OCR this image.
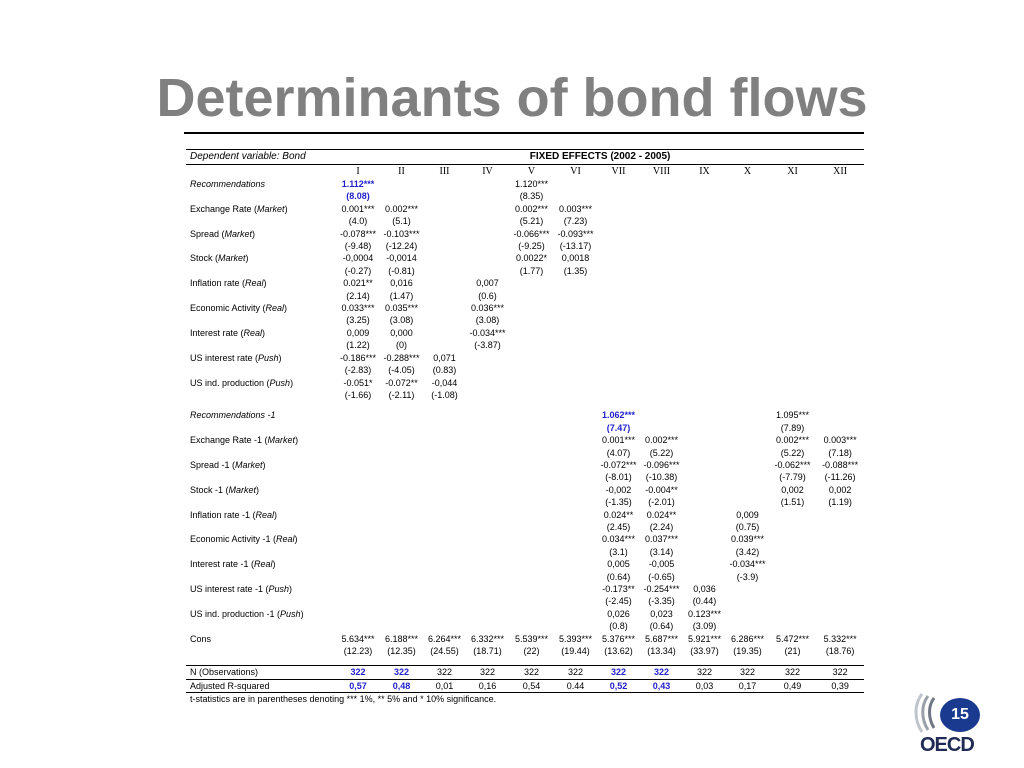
Determinants of bond flows
Dependent variable: Bond	FIXED EFFECTS (2002 - 2005)											
	I	II	III	IV	V	VI	VII	VIII	IX	X	XI	XII
Recommendations	1.112***				1.120***							
	(8.08)				(8.35)							
Exchange Rate (Market)	0.001***	0.002***			0.002***	0.003***						
	(4.0)	(5.1)			(5.21)	(7.23)						
Spread (Market)	-0.078***	-0.103***			-0.066***	-0.093***						
	(-9.48)	(-12.24)			(-9.25)	(-13.17)						
Stock (Market)	-0,0004	-0,0014			0.0022*	0,0018						
	(-0.27)	(-0.81)			(1.77)	(1.35)						
Inflation rate (Real)	0.021**	0,016		0,007								
	(2.14)	(1.47)		(0.6)								
Economic Activity (Real)	0.033***	0.035***		0.036***								
	(3.25)	(3.08)		(3.08)								
Interest rate (Real)	0,009	0,000		-0.034***								
	(1.22)	(0)		(-3.87)								
US interest rate (Push)	-0.186***	-0.288***	0,071									
	(-2.83)	(-4.05)	(0.83)									
US ind. production (Push)	-0.051*	-0.072**	-0,044									
	(-1.66)	(-2.11)	(-1.08)									

Recommendations -1							1.062***				1.095***	
							(7.47)				(7.89)	
Exchange Rate -1 (Market)							0.001***	0.002***			0.002***	0.003***
							(4.07)	(5.22)			(5.22)	(7.18)
Spread -1 (Market)							-0.072***	-0.096***			-0.062***	-0.088***
							(-8.01)	(-10.38)			(-7.79)	(-11.26)
Stock -1 (Market)							-0,002	-0.004**			0,002	0,002
							(-1.35)	(-2.01)			(1.51)	(1.19)
Inflation rate -1 (Real)							0.024**	0.024**		0,009		
							(2.45)	(2.24)		(0.75)		
Economic Activity -1 (Real)							0.034***	0.037***		0.039***		
							(3.1)	(3.14)		(3.42)		
Interest rate -1 (Real)							0,005	-0,005		-0.034***		
							(0.64)	(-0.65)		(-3.9)		
US interest rate -1 (Push)							-0.173**	-0.254***	0,036			
							(-2.45)	(-3.35)	(0.44)			
US ind. production -1 (Push)							0,026	0,023	0.123***			
							(0.8)	(0.64)	(3.09)			
Cons	5.634***	6.188***	6.264***	6.332***	5.539***	5.393***	5.376***	5.687***	5.921***	6.286***	5.472***	5.332***
	(12.23)	(12.35)	(24.55)	(18.71)	(22)	(19.44)	(13.62)	(13.34)	(33.97)	(19.35)	(21)	(18.76)

N (Observations)	322	322	322	322	322	322	322	322	322	322	322	322
Adjusted R-squared	0,57	0,48	0,01	0,16	0,54	0.44	0,52	0,43	0,03	0,17	0,49	0,39
t-statistics are in parentheses denoting *** 1%, ** 5% and * 10% significance.
15
OECD
